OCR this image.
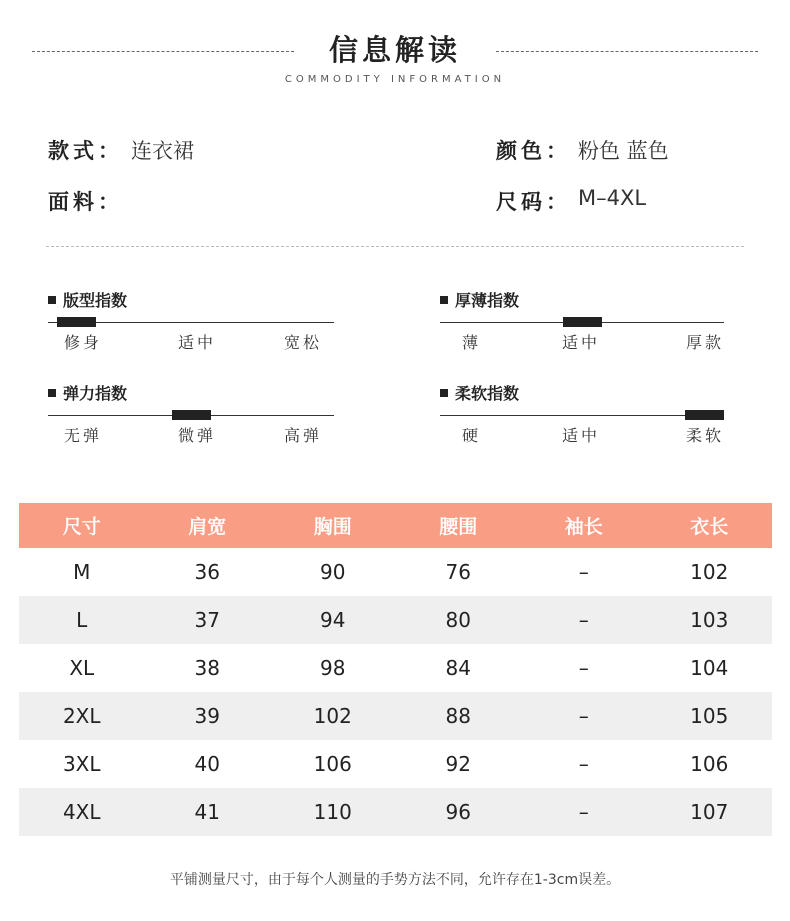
信息解读
COMMODITY INFORMATION
款式： 连衣裙	颜色： 粉色 蓝色
面料：	尺码： M–4XL
版型指数
修身	适中	宽松
厚薄指数
薄	适中	厚款
弹力指数
无弹	微弹	高弹
柔软指数
硬	适中	柔软
尺寸	肩宽	胸围	腰围	袖长	衣长
M	36	90	76	–	102
L	37	94	80	–	103
XL	38	98	84	–	104
2XL	39	102	88	–	105
3XL	40	106	92	–	106
4XL	41	110	96	–	107
平铺测量尺寸，由于每个人测量的手势方法不同，允许存在1-3cm误差。
